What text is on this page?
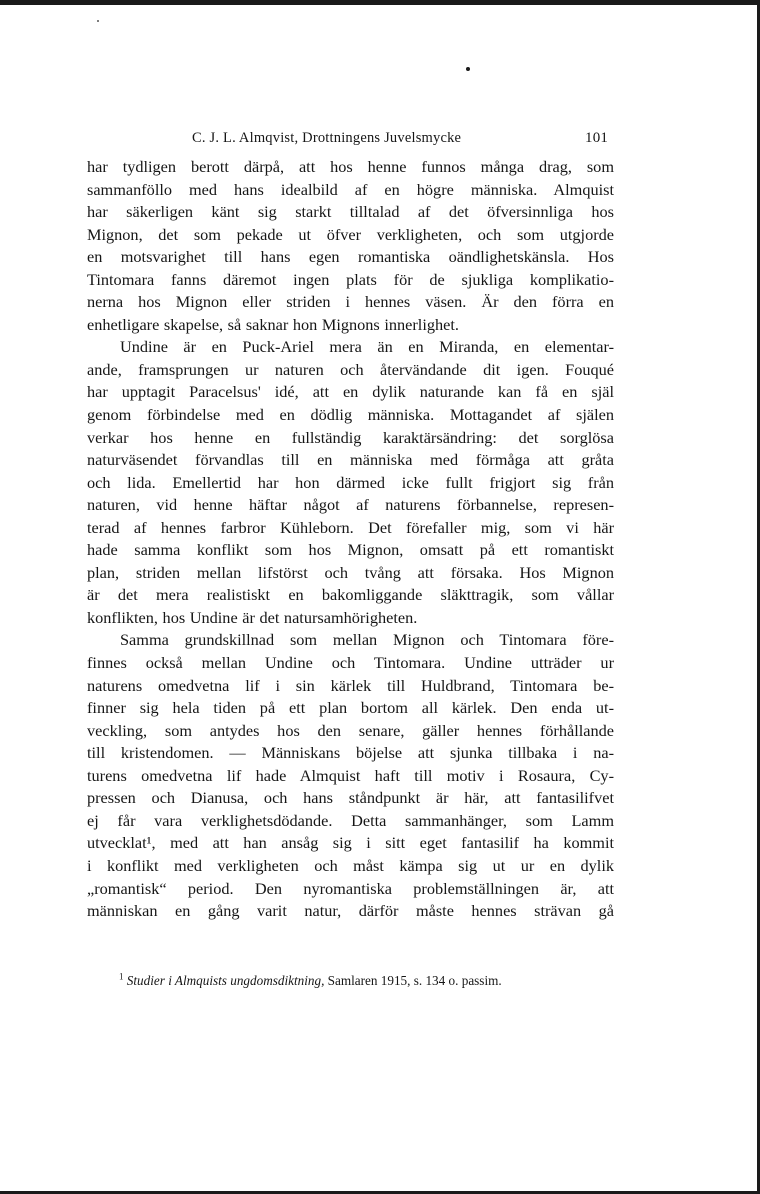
C. J. L. Almqvist, Drottningens Juvelsmycke	101
har tydligen berott därpå, att hos henne funnos många drag, som
sammanföllo med hans idealbild af en högre människa. Almquist
har säkerligen känt sig starkt tilltalad af det öfversinnliga hos
Mignon, det som pekade ut öfver verkligheten, och som utgjorde
en motsvarighet till hans egen romantiska oändlighetskänsla. Hos
Tintomara fanns däremot ingen plats för de sjukliga komplikatio-
nerna hos Mignon eller striden i hennes väsen. Är den förra en
enhetligare skapelse, så saknar hon Mignons innerlighet.
Undine är en Puck-Ariel mera än en Miranda, en elementar-
ande, framsprungen ur naturen och återvändande dit igen. Fouqué
har upptagit Paracelsus' idé, att en dylik naturande kan få en själ
genom förbindelse med en dödlig människa. Mottagandet af själen
verkar hos henne en fullständig karaktärsändring: det sorglösa
naturväsendet förvandlas till en människa med förmåga att gråta
och lida. Emellertid har hon därmed icke fullt frigjort sig från
naturen, vid henne häftar något af naturens förbannelse, represen-
terad af hennes farbror Kühleborn. Det förefaller mig, som vi här
hade samma konflikt som hos Mignon, omsatt på ett romantiskt
plan, striden mellan lifstörst och tvång att försaka. Hos Mignon
är det mera realistiskt en bakomliggande släkttragik, som vållar
konflikten, hos Undine är det natursamhörigheten.
Samma grundskillnad som mellan Mignon och Tintomara före-
finnes också mellan Undine och Tintomara. Undine utträder ur
naturens omedvetna lif i sin kärlek till Huldbrand, Tintomara be-
finner sig hela tiden på ett plan bortom all kärlek. Den enda ut-
veckling, som antydes hos den senare, gäller hennes förhållande
till kristendomen. — Människans böjelse att sjunka tillbaka i na-
turens omedvetna lif hade Almquist haft till motiv i Rosaura, Cy-
pressen och Dianusa, och hans ståndpunkt är här, att fantasilifvet
ej får vara verklighetsdödande. Detta sammanhänger, som Lamm
utvecklat¹, med att han ansåg sig i sitt eget fantasilif ha kommit
i konflikt med verkligheten och måst kämpa sig ut ur en dylik
„romantisk“ period. Den nyromantiska problemställningen är, att
människan en gång varit natur, därför måste hennes strävan gå
$^1$ Studier i Almquists ungdomsdiktning, Samlaren 1915, s. 134 o. passim.
